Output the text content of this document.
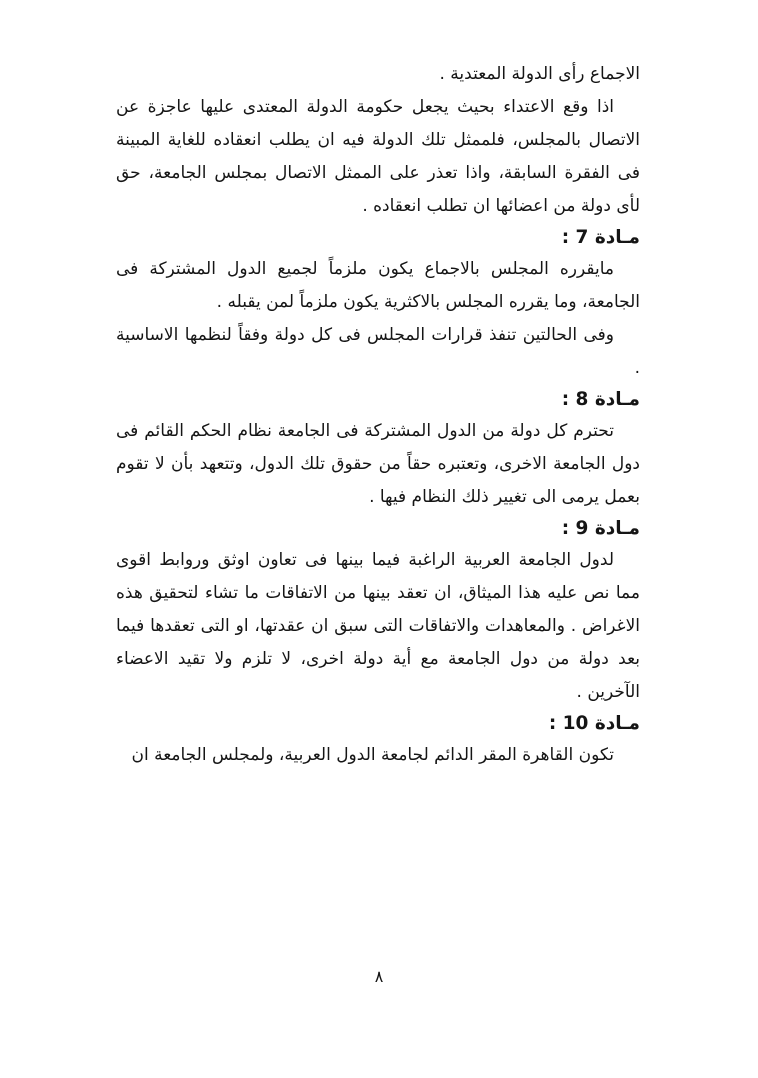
الاجماع رأى الدولة المعتدية .

اذا وقع الاعتداء بحيث يجعل حكومة الدولة المعتدى عليها عاجزة عن الاتصال بالمجلس، فلممثل تلك الدولة فيه ان يطلب انعقاده للغاية المبينة فى الفقرة السابقة، واذا تعذر على الممثل الاتصال بمجلس الجامعة، حق لأى دولة من اعضائها ان تطلب انعقاده .

مـادة 7 :

مايقرره المجلس بالاجماع يكون ملزماً لجميع الدول المشتركة فى الجامعة، وما يقرره المجلس بالاكثرية يكون ملزماً لمن يقبله .

وفى الحالتين تنفذ قرارات المجلس فى كل دولة وفقاً لنظمها الاساسية .

مـادة 8 :

تحترم كل دولة من الدول المشتركة فى الجامعة نظام الحكم القائم فى دول الجامعة الاخرى، وتعتبره حقاً من حقوق تلك الدول، وتتعهد بأن لا تقوم بعمل يرمى الى تغيير ذلك النظام فيها .

مـادة 9 :

لدول الجامعة العربية الراغبة فيما بينها فى تعاون اوثق وروابط اقوى مما نص عليه هذا الميثاق، ان تعقد بينها من الاتفاقات ما تشاء لتحقيق هذه الاغراض . والمعاهدات والاتفاقات التى سبق ان عقدتها، او التى تعقدها فيما بعد دولة من دول الجامعة مع أية دولة اخرى، لا تلزم ولا تقيد الاعضاء الآخرين .

مـادة 10 :

تكون القاهرة المقر الدائم لجامعة الدول العربية، ولمجلس الجامعة ان

٨
